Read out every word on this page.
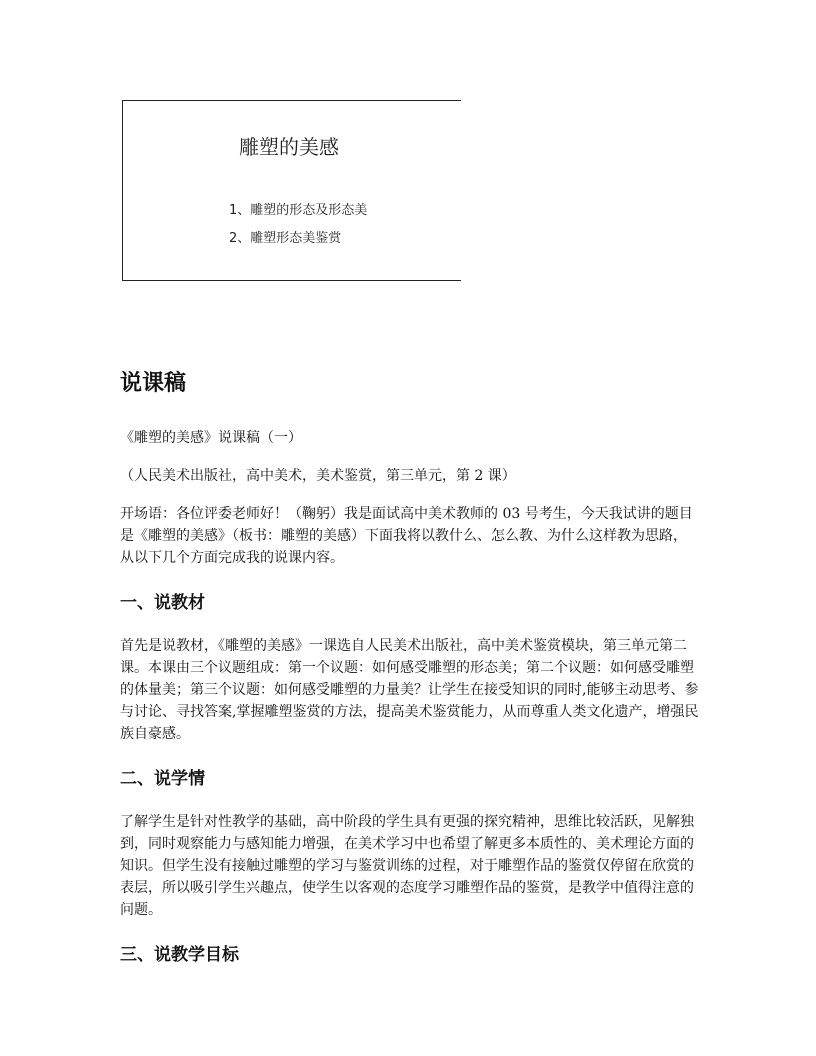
雕塑的美感
1、雕塑的形态及形态美
2、雕塑形态美鉴赏
说课稿

《雕塑的美感》说课稿（一）

（人民美术出版社，高中美术，美术鉴赏，第三单元，第 2 课）

开场语：各位评委老师好！（鞠躬）我是面试高中美术教师的 03 号考生，今天我试讲的题目是《雕塑的美感》（板书：雕塑的美感）下面我将以教什么、怎么教、为什么这样教为思路，从以下几个方面完成我的说课内容。

一、说教材

首先是说教材，《雕塑的美感》一课选自人民美术出版社，高中美术鉴赏模块，第三单元第二课。本课由三个议题组成：第一个议题：如何感受雕塑的形态美；第二个议题：如何感受雕塑的体量美；第三个议题：如何感受雕塑的力量美？让学生在接受知识的同时,能够主动思考、参与讨论、寻找答案,掌握雕塑鉴赏的方法，提高美术鉴赏能力，从而尊重人类文化遗产，增强民族自豪感。

二、说学情

了解学生是针对性教学的基础，高中阶段的学生具有更强的探究精神，思维比较活跃，见解独到，同时观察能力与感知能力增强，在美术学习中也希望了解更多本质性的、美术理论方面的知识。但学生没有接触过雕塑的学习与鉴赏训练的过程，对于雕塑作品的鉴赏仅停留在欣赏的表层，所以吸引学生兴趣点，使学生以客观的态度学习雕塑作品的鉴赏，是教学中值得注意的问题。

三、说教学目标
